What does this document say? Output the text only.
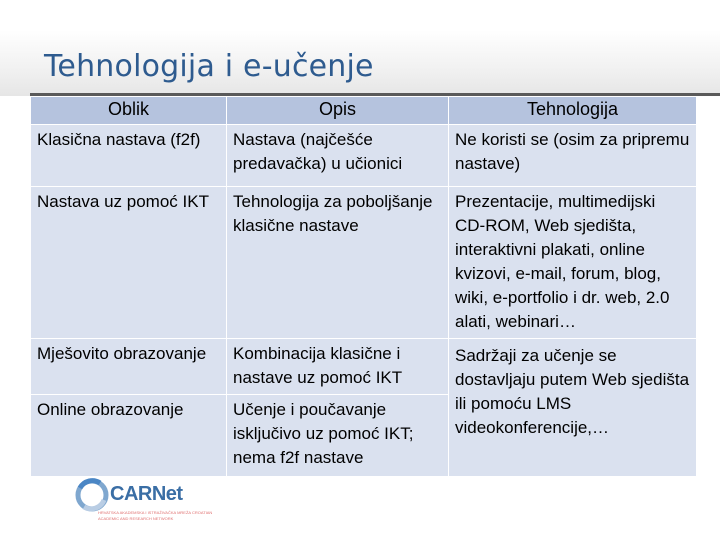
Tehnologija i e-učenje
Oblik	Opis	Tehnologija
Klasična nastava (f2f)	Nastava (najčešće predavačka) u učionici	Ne koristi se (osim za pripremu nastave)
Nastava uz pomoć IKT	Tehnologija za poboljšanje klasične nastave	Prezentacije, multimedijski CD-ROM, Web sjedišta, interaktivni plakati, online kvizovi, e-mail, forum, blog, wiki, e-portfolio i dr. web, 2.0 alati, webinari…
Mješovito obrazovanje	Kombinacija klasične i nastave uz pomoć IKT	Sadržaji za učenje se dostavljaju putem Web sjedišta ili pomoću LMS videokonferencije,…
Online obrazovanje	Učenje i poučavanje isključivo uz pomoć IKT; nema f2f nastave	
CARNet
HRVATSKA AKADEMSKA I ISTRAŽIVAČKA MREŽA CROATIAN ACADEMIC AND RESEARCH NETWORK
